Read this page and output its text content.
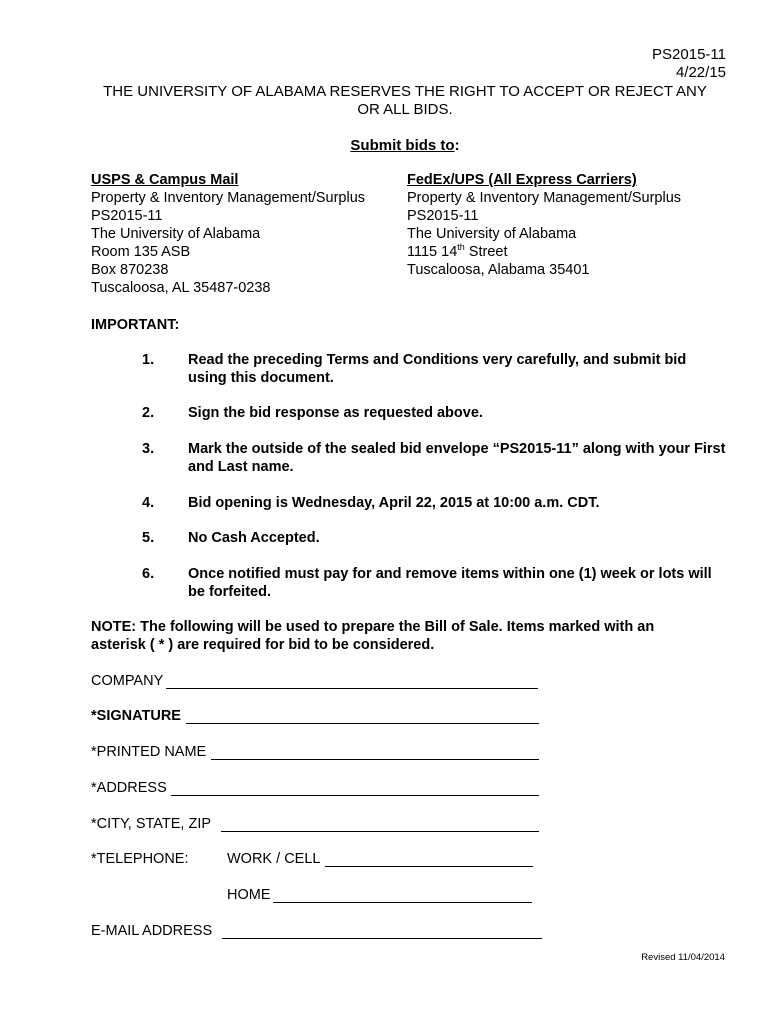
PS2015-11
4/22/15
THE UNIVERSITY OF ALABAMA RESERVES THE RIGHT TO ACCEPT OR REJECT ANY
OR ALL BIDS.
Submit bids to:
USPS & Campus Mail
Property & Inventory Management/Surplus
PS2015-11
The University of Alabama
Room 135 ASB
Box 870238
Tuscaloosa, AL 35487-0238
FedEx/UPS (All Express Carriers)
Property & Inventory Management/Surplus
PS2015-11
The University of Alabama
1115 14th Street
Tuscaloosa, Alabama 35401
IMPORTANT:
1. Read the preceding Terms and Conditions very carefully, and submit bid using this document.
2. Sign the bid response as requested above.
3. Mark the outside of the sealed bid envelope “PS2015-11” along with your First and Last name.
4. Bid opening is Wednesday, April 22, 2015 at 10:00 a.m. CDT.
5. No Cash Accepted.
6. Once notified must pay for and remove items within one (1) week or lots will be forfeited.
NOTE: The following will be used to prepare the Bill of Sale. Items marked with an
asterisk ( * ) are required for bid to be considered.
COMPANY
*SIGNATURE
*PRINTED NAME
*ADDRESS
*CITY, STATE, ZIP
*TELEPHONE:	WORK / CELL
HOME
E-MAIL ADDRESS
Revised 11/04/2014
